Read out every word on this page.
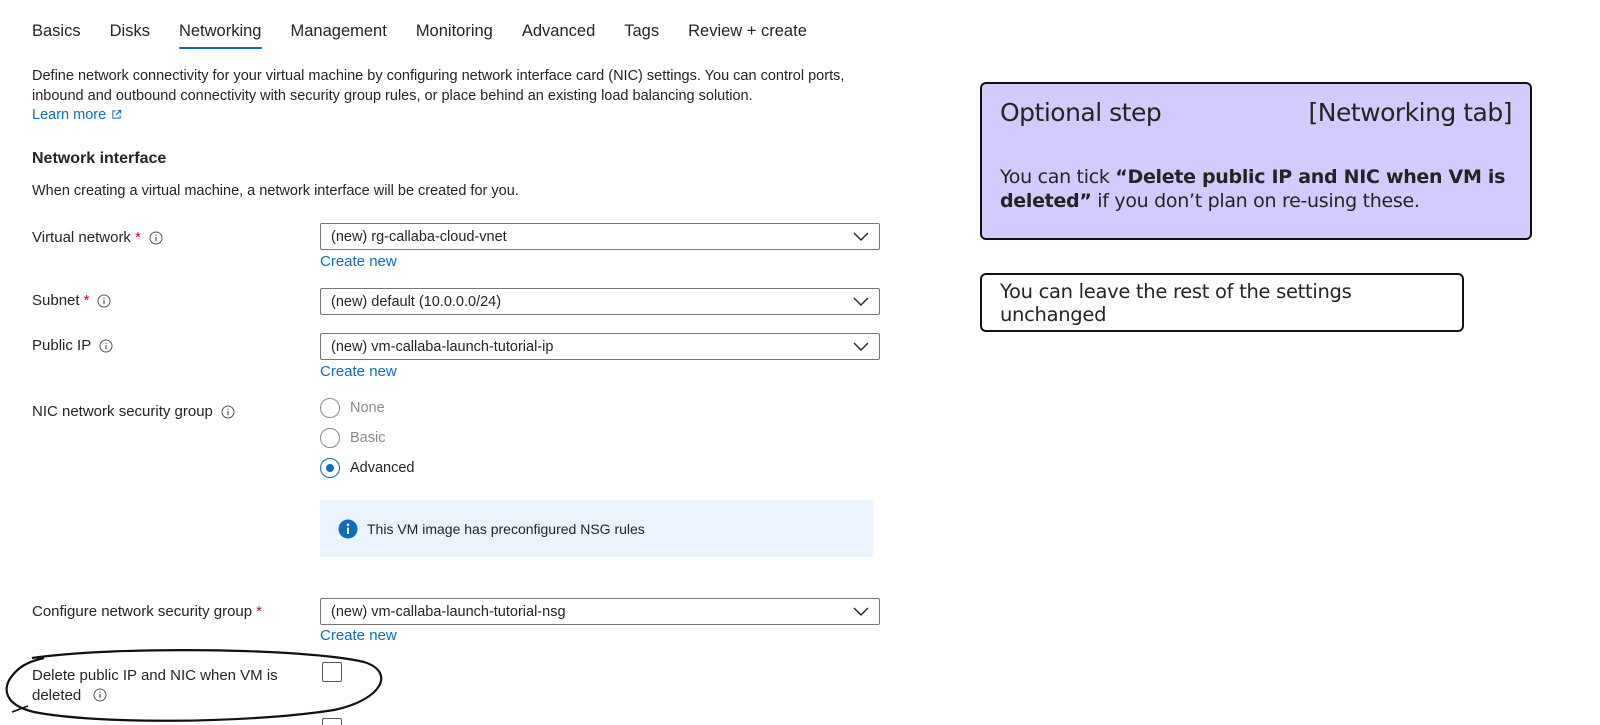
Basics Disks Networking Management Monitoring Advanced Tags Review + create
Define network connectivity for your virtual machine by configuring network interface card (NIC) settings. You can control ports, inbound and outbound connectivity with security group rules, or place behind an existing load balancing solution.
Learn more
Network interface
When creating a virtual machine, a network interface will be created for you.
Virtual network *	(new) rg-callaba-cloud-vnet
Create new
Subnet *	(new) default (10.0.0.0/24)
Public IP	(new) vm-callaba-launch-tutorial-ip
Create new
NIC network security group	None
Basic
Advanced
This VM image has preconfigured NSG rules
Configure network security group *	(new) vm-callaba-launch-tutorial-nsg
Create new
Delete public IP and NIC when VM is deleted
Optional step	[Networking tab]
You can tick “Delete public IP and NIC when VM is deleted” if you don’t plan on re-using these.
You can leave the rest of the settings unchanged
